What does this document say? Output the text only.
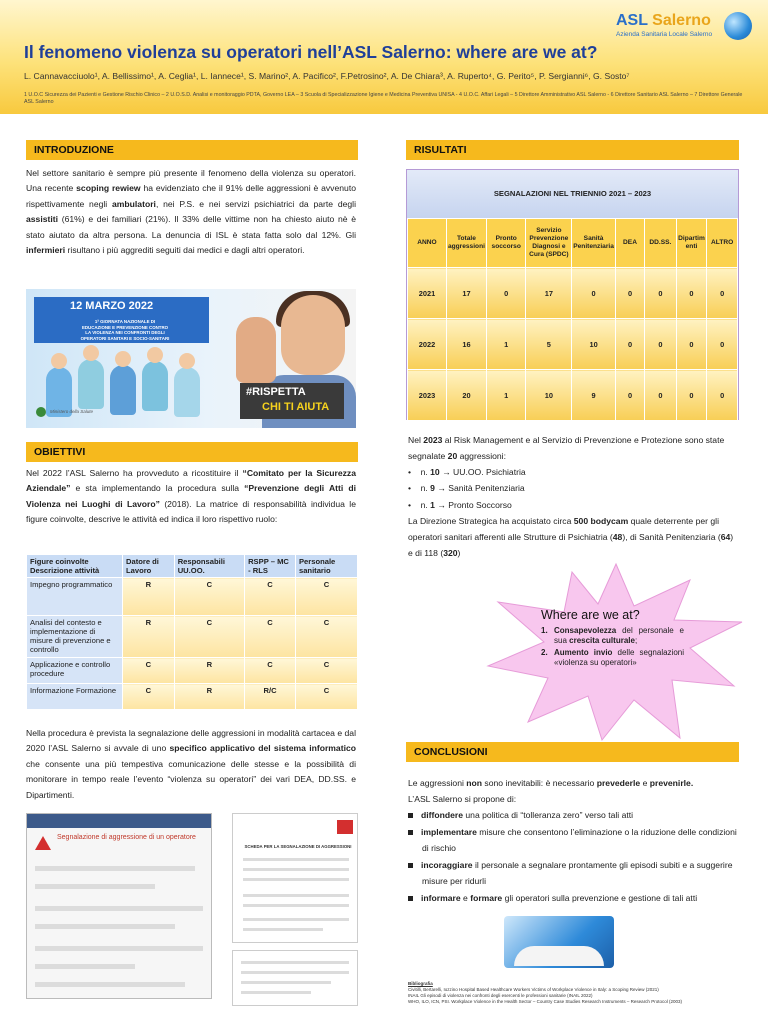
Il fenomeno violenza su operatori nell’ASL Salerno: where are we at?
L. Cannavacciuolo¹, A. Bellissimo¹, A. Ceglia¹, L. Iannece¹, S. Marino², A. Pacifico², F.Petrosino², A. De Chiara³, A. Ruperto⁴, G. Perito⁵, P. Sergianni⁶, G. Sosto⁷
1 U.O.C Sicurezza dei Pazienti e Gestione Rischio Clinico – 2 U.O.S.D. Analisi e monitoraggio PDTA, Governo LEA – 3 Scuola di Specializzazione Igiene e Medicina Preventiva UNISA - 4 U.O.C. Affari Legali – 5 Direttore Amministrativo ASL Salerno - 6 Direttore Sanitario ASL Salerno – 7 Direttore Generale ASL Salerno
ASL Salerno
Azienda Sanitaria Locale Salerno
INTRODUZIONE
Nel settore sanitario è sempre più presente il fenomeno della violenza su operatori. Una recente scoping rewiew ha evidenziato che il 91% delle aggressioni è avvenuto rispettivamente negli ambulatori, nei P.S. e nei servizi psichiatrici da parte degli assistiti (61%) e dei familiari (21%). Il 33% delle vittime non ha chiesto aiuto nè è stato aiutato da altra persona. La denuncia di ISL è stata fatta solo dal 12%. Gli infermieri risultano i più aggrediti seguiti dai medici e dagli altri operatori.
12 MARZO 2022
1ª GIORNATA NAZIONALE DI EDUCAZIONE E PREVENZIONE CONTRO LA VIOLENZA NEI CONFRONTI DEGLI OPERATORI SANITARI E SOCIO-SANITARI
#RISPETTA
CHI TI AIUTA
Ministero della Salute
OBIETTIVI
Nel 2022 l’ASL Salerno ha provveduto a ricostituire il “Comitato per la Sicurezza Aziendale” e sta implementando la procedura sulla “Prevenzione degli Atti di Violenza nei Luoghi di Lavoro” (2018). La matrice di responsabilità individua le figure coinvolte, descrive le attività ed indica il loro rispettivo ruolo:
Figure coinvolte Descrizione attività	Datore di Lavoro	Responsabili UU.OO.	RSPP – MC - RLS	Personale sanitario
Impegno programmatico	R	C	C	C
Analisi del contesto e implementazione di misure di prevenzione e controllo	R	C	C	C
Applicazione e controllo procedure	C	R	C	C
Informazione Formazione	C	R	R/C	C
Nella procedura è prevista la segnalazione delle aggressioni in modalità cartacea e dal 2020 l’ASL Salerno si avvale di uno specifico applicativo del sistema informatico che consente una più tempestiva comunicazione delle stesse e la possibilità di monitorare in tempo reale l’evento “violenza su operatori” dei vari DEA, DD.SS. e Dipartimenti.
Segnalazione di aggressione di un operatore
SCHEDA PER LA SEGNALAZIONE DI AGGRESSIONI
RISULTATI
SEGNALAZIONI NEL TRIENNIO 2021 – 2023
ANNO	Totale aggressioni	Pronto soccorso	Servizio Prevenzione Diagnosi e Cura (SPDC)	Sanità Penitenziaria	DEA	DD.SS.	Dipartimenti	ALTRO
2021	17	0	17	0	0	0	0	0
2022	16	1	5	10	0	0	0	0
2023	20	1	10	9	0	0	0	0
Nel 2023 al Risk Management e al Servizio di Prevenzione e Protezione sono state segnalate 20 aggressioni:
•    n. 10 → UU.OO. Psichiatria
•    n. 9 → Sanità Penitenziaria
•    n. 1 → Pronto Soccorso
La Direzione Strategica ha acquistato circa 500 bodycam quale deterrente per gli operatori sanitari afferenti alle Strutture di Psichiatria (48), di Sanità Penitenziaria (64) e di 118 (320)
Where are we at?
1. Consapevolezza del personale e sua crescita culturale;
2. Aumento invio delle segnalazioni «violenza su operatori»
CONCLUSIONI
Le aggressioni non sono inevitabili: è necessario prevederle e prevenirle.
L’ASL Salerno si propone di:
diffondere una politica di “tolleranza zero” verso tali atti
implementare misure che consentono l’eliminazione o la riduzione delle condizioni di rischio
incoraggiare il personale a segnalare prontamente gli episodi subiti e a suggerire misure per ridurli
informare e formare gli operatori sulla prevenzione e gestione di tali atti
Bibliografia
Civitilli, Bertarelli, Iozzino Hospital Based Healthcare Workers Victims of Workplace Violence in Italy: a Scoping Review (2021)
INAIL Gli episodi di violenza nei confronti degli esercenti le professioni sanitarie (INAIL 2022)
WHO, ILO, ICN, PSI. Workplace Violence in the Health Sector – Country Case Studies Research Instruments – Research Protocol (2003)
